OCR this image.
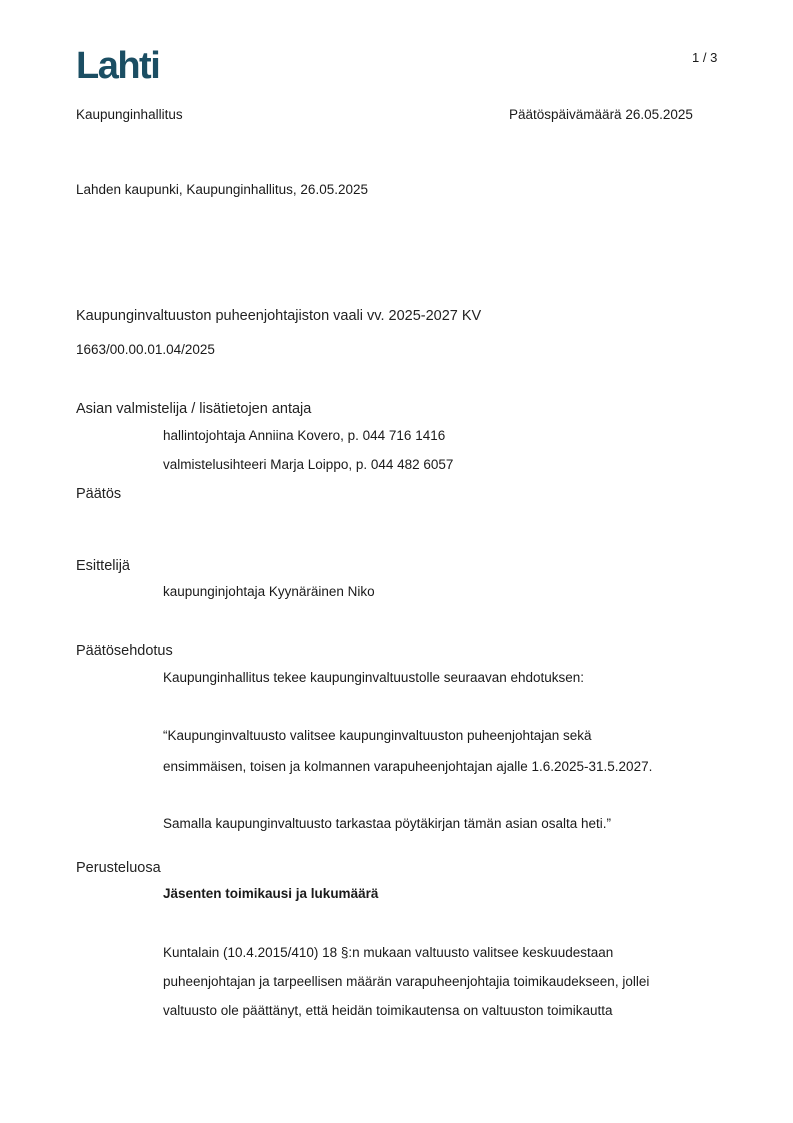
Lahti	1 / 3
Kaupunginhallitus	Päätöspäivämäärä 26.05.2025
Lahden kaupunki, Kaupunginhallitus, 26.05.2025
Kaupunginvaltuuston puheenjohtajiston vaali vv. 2025-2027 KV
1663/00.00.01.04/2025
Asian valmistelija / lisätietojen antaja
hallintojohtaja Anniina Kovero, p. 044 716 1416
valmistelusihteeri Marja Loippo, p. 044 482 6057
Päätös
Esittelijä
kaupunginjohtaja Kyynäräinen Niko
Päätösehdotus
Kaupunginhallitus tekee kaupunginvaltuustolle seuraavan ehdotuksen:
“Kaupunginvaltuusto valitsee kaupunginvaltuuston puheenjohtajan sekä
ensimmäisen, toisen ja kolmannen varapuheenjohtajan ajalle 1.6.2025-31.5.2027.
Samalla kaupunginvaltuusto tarkastaa pöytäkirjan tämän asian osalta heti.”
Perusteluosa
Jäsenten toimikausi ja lukumäärä
Kuntalain (10.4.2015/410) 18 §:n mukaan valtuusto valitsee keskuudestaan
puheenjohtajan ja tarpeellisen määrän varapuheenjohtajia toimikaudekseen, jollei
valtuusto ole päättänyt, että heidän toimikautensa on valtuuston toimikautta
